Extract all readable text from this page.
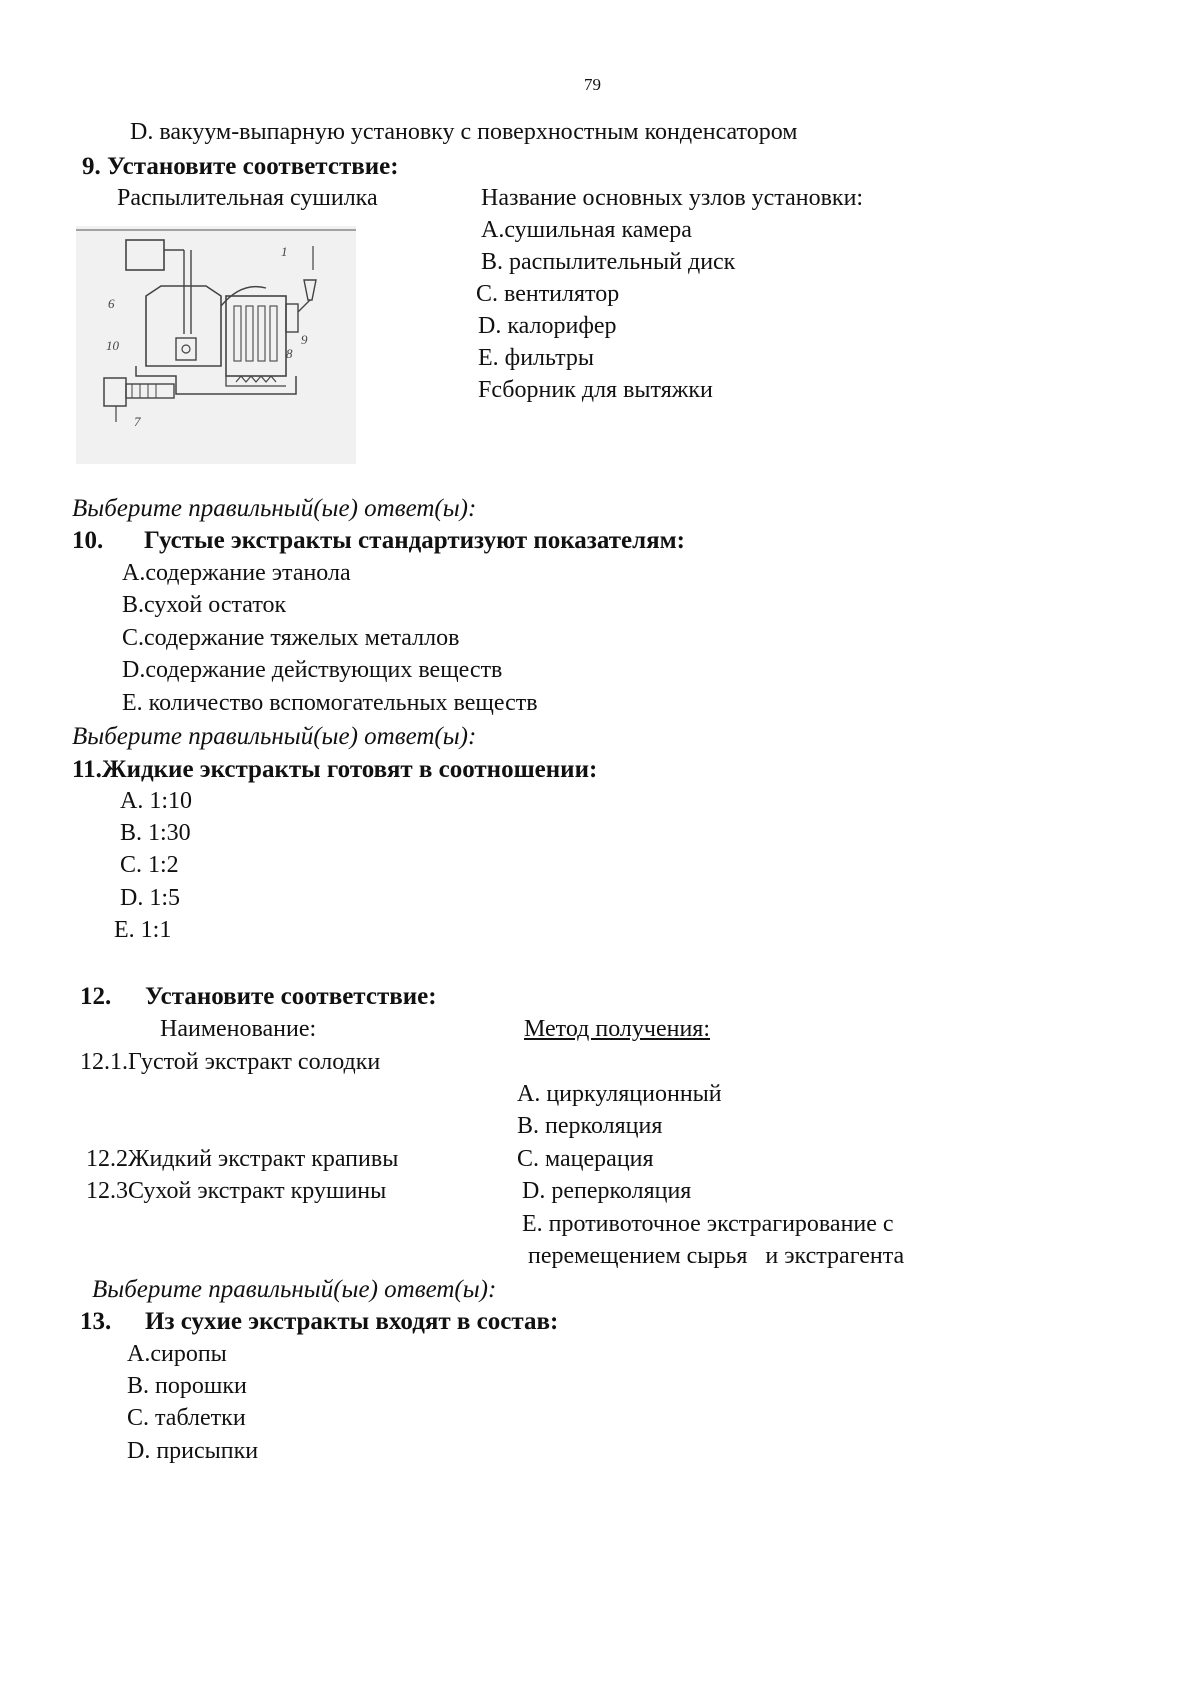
79
D. вакуум-выпарную установку с поверхностным конденсатором
9. Установите соответствие:
Распылительная сушилка	Название основных узлов установки:
A.сушильная камера
B. распылительный диск
C. вентилятор
D. калорифер
E. фильтры
Fсборник для вытяжки
6
1
10	9
8
7
Выберите правильный(ые) ответ(ы):
10. Густые экстракты стандартизуют показателям:
A.содержание этанола
B.сухой остаток
C.содержание тяжелых металлов
D.содержание действующих веществ
E. количество вспомогательных веществ
Выберите правильный(ые) ответ(ы):
11.Жидкие экстракты готовят в соотношении:
A. 1:10
B. 1:30
C. 1:2
D. 1:5
E. 1:1
12. Установите соответствие:
Наименование:	Метод получения:
12.1.Густой экстракт солодки
A. циркуляционный
B. перколяция
12.2Жидкий экстракт крапивы	C. мацерация
12.3Сухой экстракт крушины	D. реперколяция
E. противоточное экстрагирование с
перемещением сырья   и экстрагента
Выберите правильный(ые) ответ(ы):
13. Из сухие экстракты входят в состав:
A.сиропы
B. порошки
C. таблетки
D. присыпки
